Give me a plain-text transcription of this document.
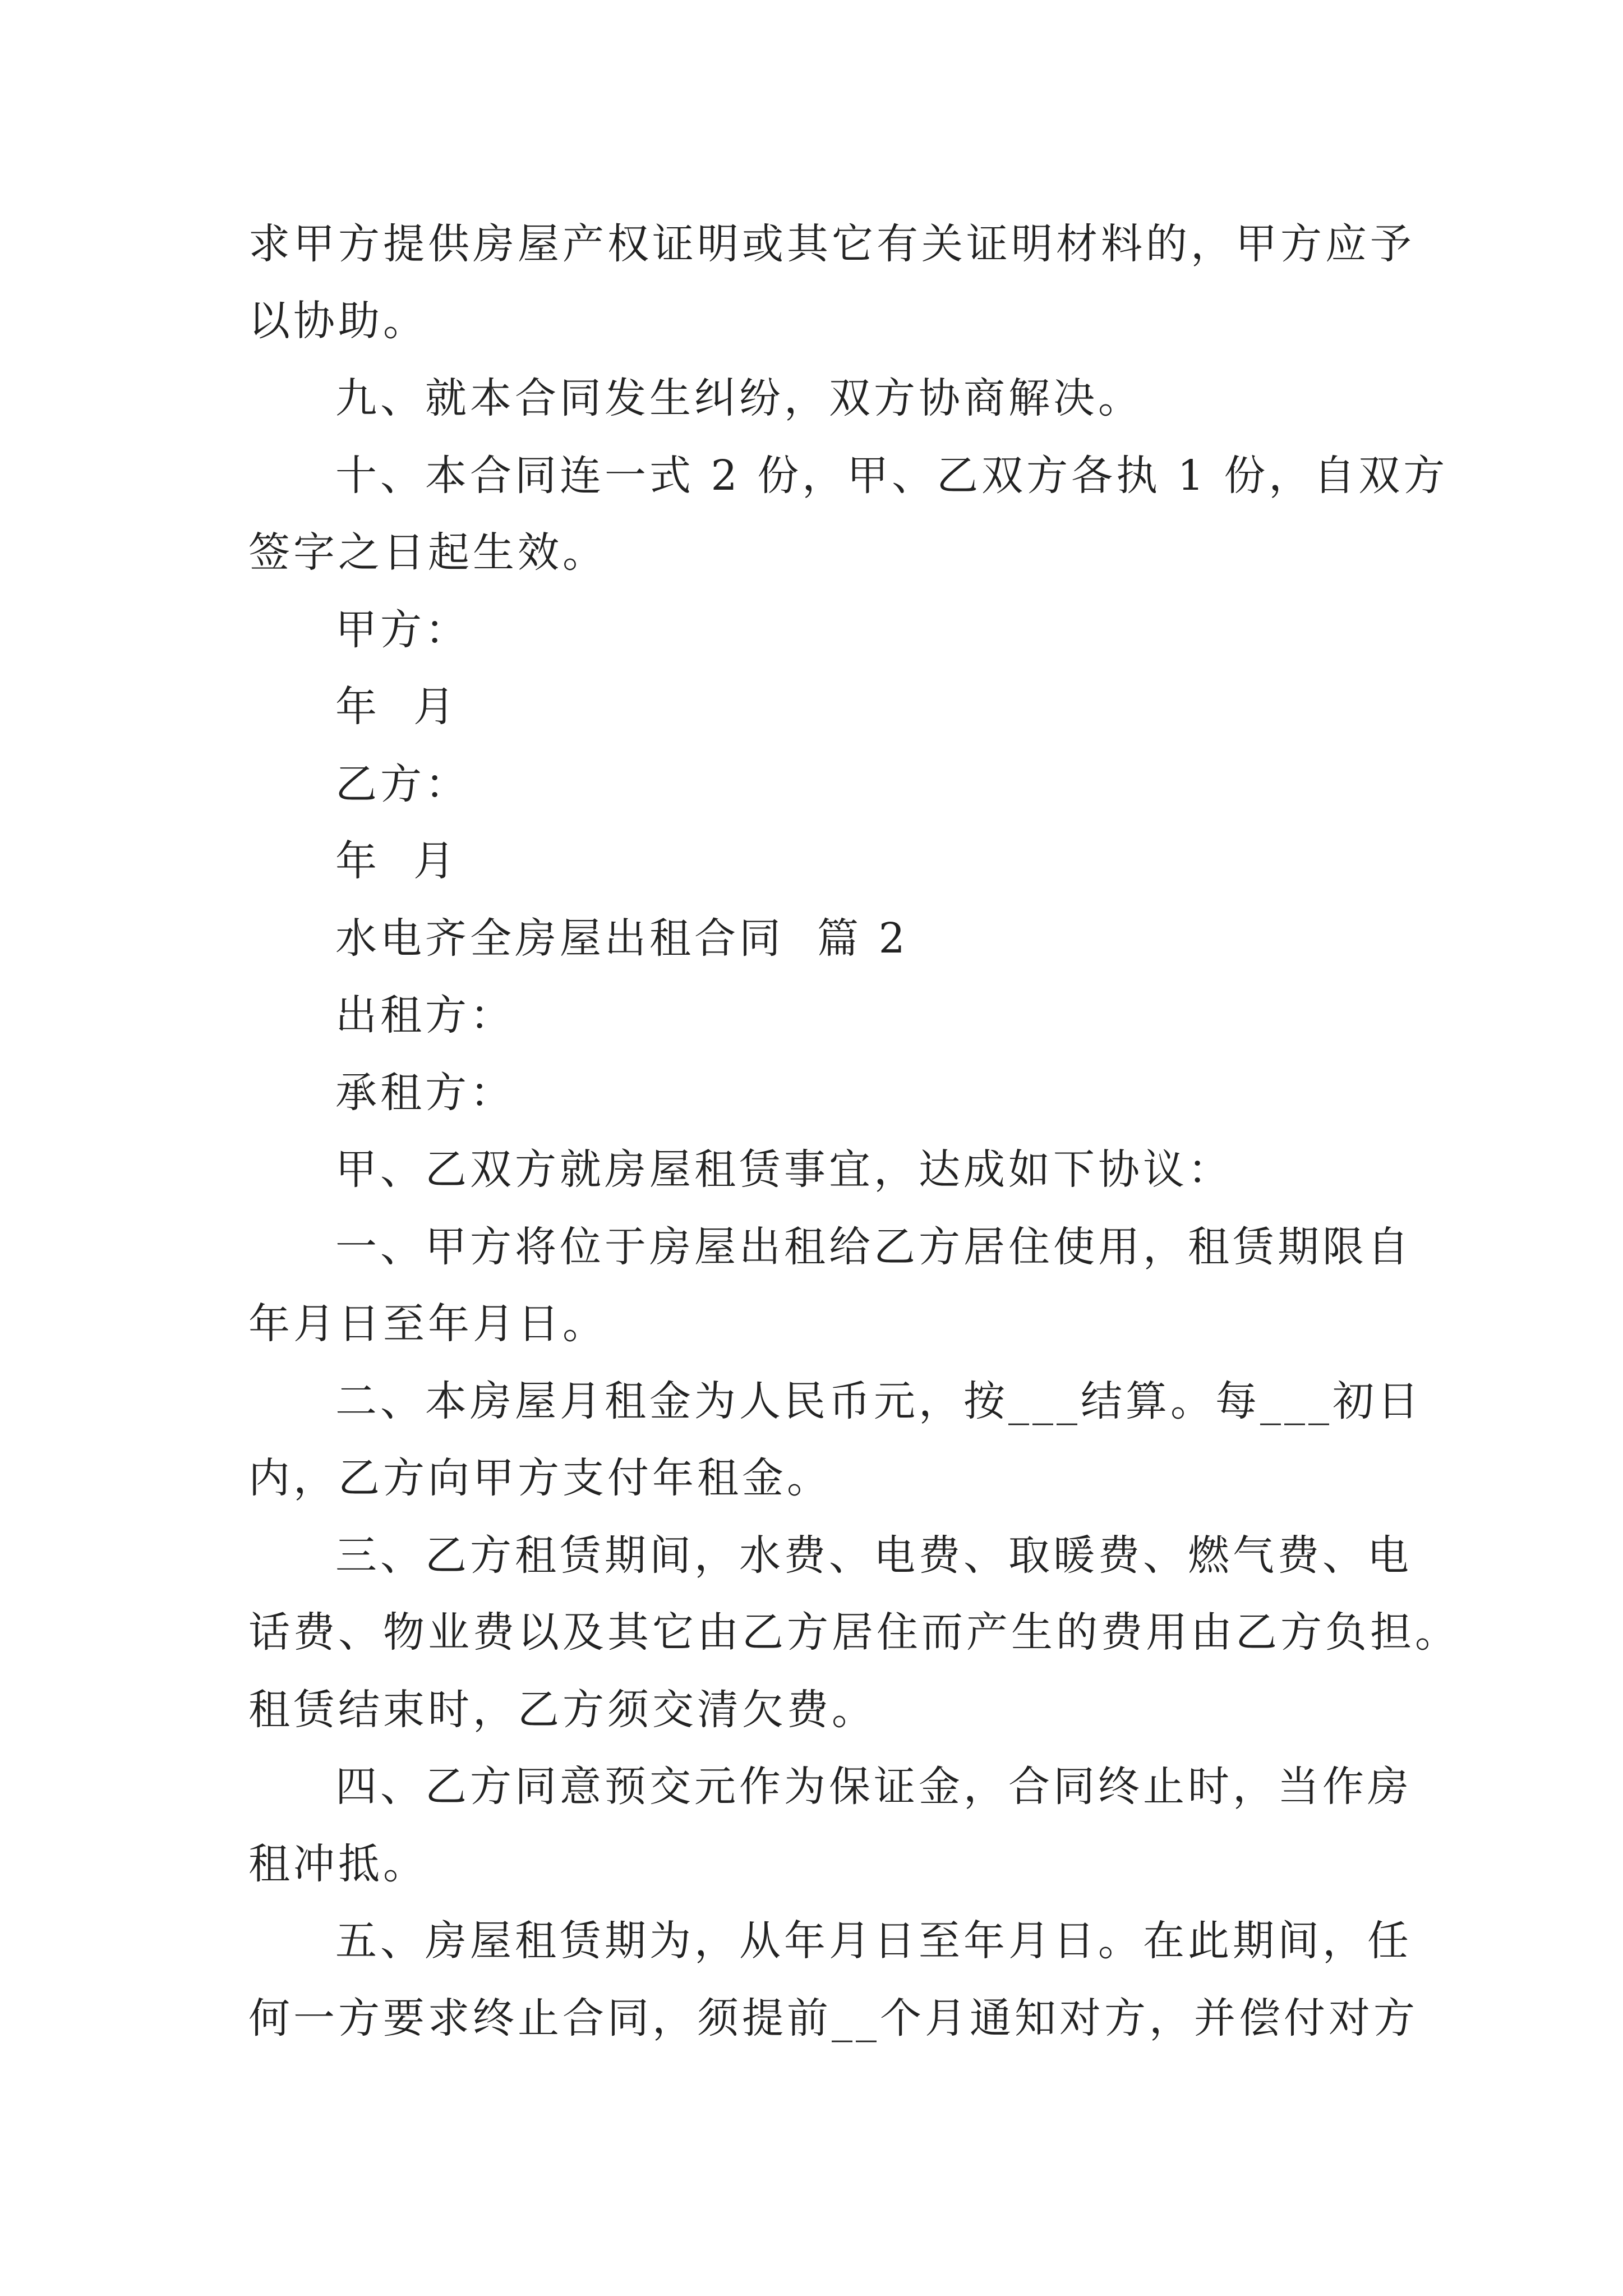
求甲方提供房屋产权证明或其它有关证明材料的，甲方应予
以协助。
九、就本合同发生纠纷，双方协商解决。
十、本合同连一式 2 份，甲、乙双方各执 1 份，自双方
签字之日起生效。
甲方：
年  月
乙方：
年  月
水电齐全房屋出租合同  篇 2
出租方：
承租方：
甲、乙双方就房屋租赁事宜，达成如下协议：
一、甲方将位于房屋出租给乙方居住使用，租赁期限自
年月日至年月日。
二、本房屋月租金为人民币元，按___结算。每___初日
内，乙方向甲方支付年租金。
三、乙方租赁期间，水费、电费、取暖费、燃气费、电
话费、物业费以及其它由乙方居住而产生的费用由乙方负担。
租赁结束时，乙方须交清欠费。
四、乙方同意预交元作为保证金，合同终止时，当作房
租冲抵。
五、房屋租赁期为，从年月日至年月日。在此期间，任
何一方要求终止合同，须提前__个月通知对方，并偿付对方
